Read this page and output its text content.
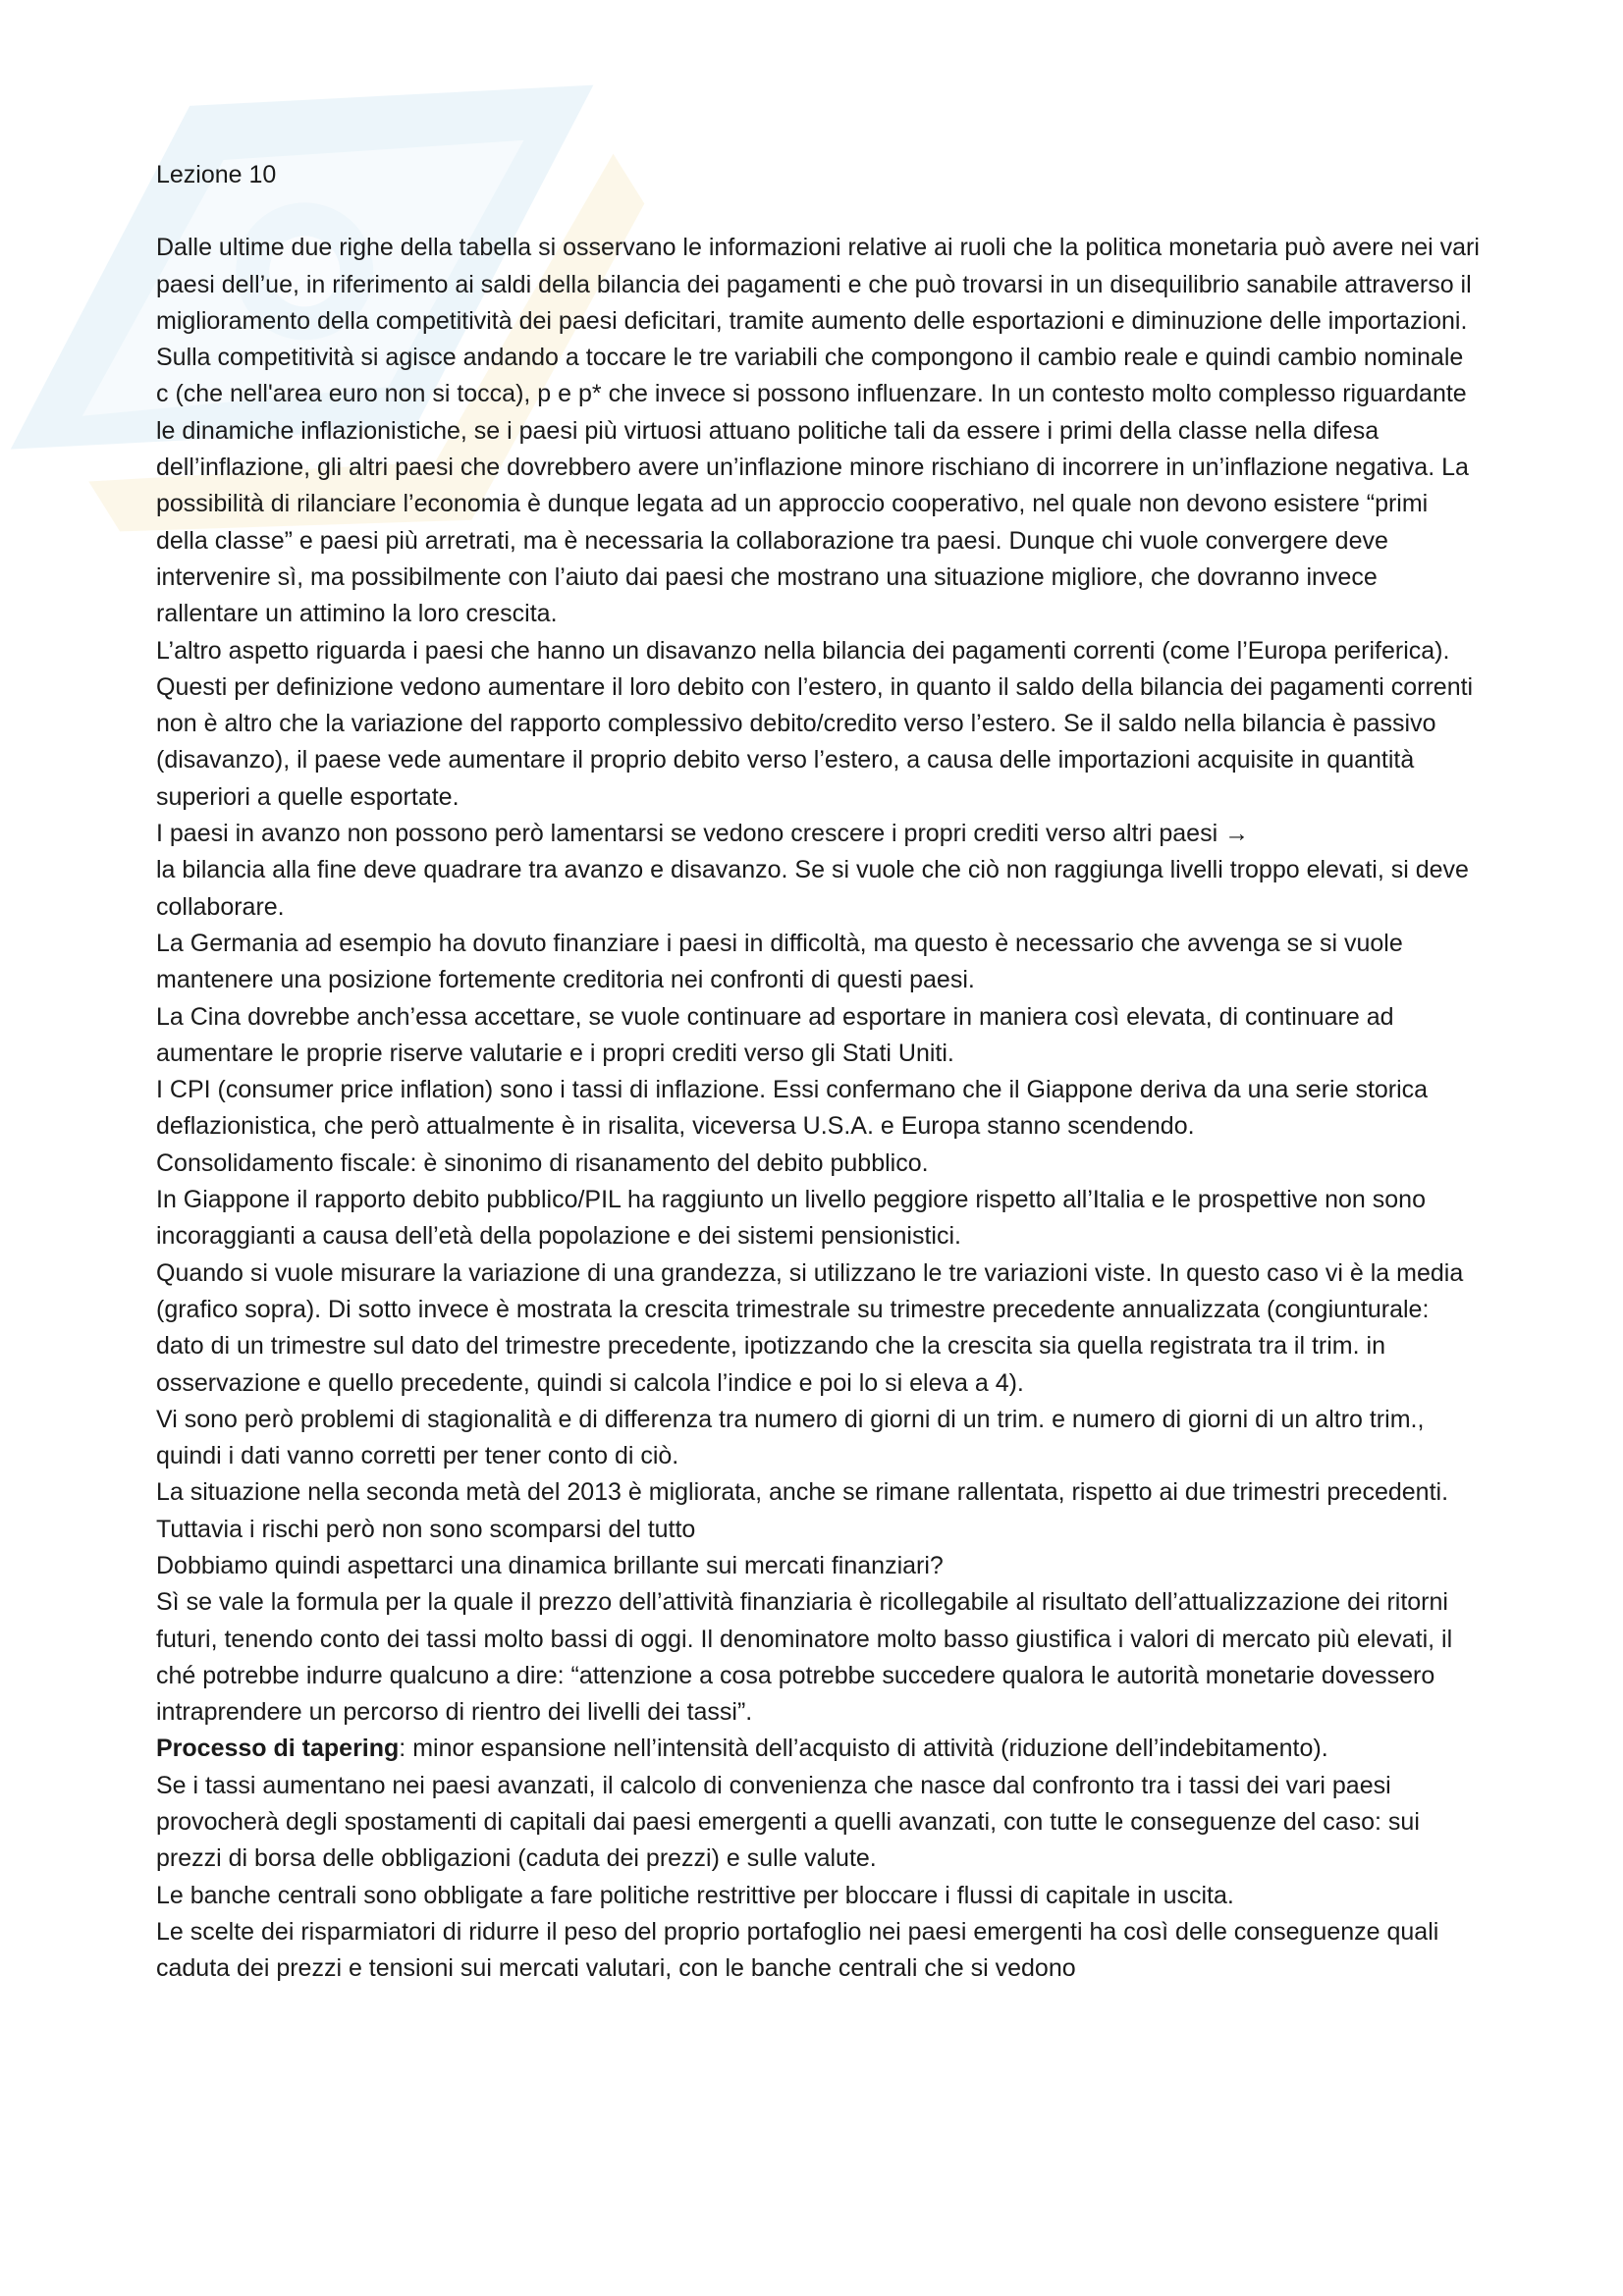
Lezione 10

Dalle ultime due righe della tabella si osservano le informazioni relative ai ruoli che la politica monetaria può avere nei vari paesi dell’ue, in riferimento ai saldi della bilancia dei pagamenti e che può trovarsi in un disequilibrio sanabile attraverso il miglioramento della competitività dei paesi deficitari, tramite aumento delle esportazioni e diminuzione delle importazioni.

Sulla competitività si agisce andando a toccare le tre variabili che compongono il cambio reale e quindi cambio nominale c (che nell'area euro non si tocca), p e p* che invece si possono influenzare. In un contesto molto complesso riguardante le dinamiche inflazionistiche, se i paesi più virtuosi attuano politiche tali da essere i primi della classe nella difesa dell’inflazione, gli altri paesi che dovrebbero avere un’inflazione minore rischiano di incorrere in un’inflazione negativa. La possibilità di rilanciare l’economia è dunque legata ad un approccio cooperativo, nel quale non devono esistere “primi della classe” e paesi più arretrati, ma è necessaria la collaborazione tra paesi. Dunque chi vuole convergere deve intervenire sì, ma possibilmente con l’aiuto dai paesi che mostrano una situazione migliore, che dovranno invece rallentare un attimino la loro crescita.

L’altro aspetto riguarda i paesi che hanno un disavanzo nella bilancia dei pagamenti correnti (come l’Europa periferica). Questi per definizione vedono aumentare il loro debito con l’estero, in quanto il saldo della bilancia dei pagamenti correnti non è altro che la variazione del rapporto complessivo debito/credito verso l’estero. Se il saldo nella bilancia è passivo (disavanzo), il paese vede aumentare il proprio debito verso l’estero, a causa delle importazioni acquisite in quantità superiori a quelle esportate.

I paesi in avanzo non possono però lamentarsi se vedono crescere i propri crediti verso altri paesi →

la bilancia alla fine deve quadrare tra avanzo e disavanzo. Se si vuole che ciò non raggiunga livelli troppo elevati, si deve collaborare.

La Germania ad esempio ha dovuto finanziare i paesi in difficoltà, ma questo è necessario che avvenga se si vuole mantenere una posizione fortemente creditoria nei confronti di questi paesi.

La Cina dovrebbe anch’essa accettare, se vuole continuare ad esportare in maniera così elevata, di continuare ad aumentare le proprie riserve valutarie e i propri crediti verso gli Stati Uniti.

I CPI (consumer price inflation) sono i tassi di inflazione. Essi confermano che il Giappone deriva da una serie storica deflazionistica, che però attualmente è in risalita, viceversa U.S.A. e Europa stanno scendendo.

Consolidamento fiscale: è sinonimo di risanamento del debito pubblico.

In Giappone il rapporto debito pubblico/PIL ha raggiunto un livello peggiore rispetto all’Italia e le prospettive non sono incoraggianti a causa dell’età della popolazione e dei sistemi pensionistici.

Quando si vuole misurare la variazione di una grandezza, si utilizzano le tre variazioni viste. In questo caso vi è la media (grafico sopra). Di sotto invece è mostrata la crescita trimestrale su trimestre precedente annualizzata (congiunturale: dato di un trimestre sul dato del trimestre precedente, ipotizzando che la crescita sia quella registrata tra il trim. in osservazione e quello precedente, quindi si calcola l’indice e poi lo si eleva a 4).

Vi sono però problemi di stagionalità e di differenza tra numero di giorni di un trim. e numero di giorni di un altro trim., quindi i dati vanno corretti per tener conto di ciò.

La situazione nella seconda metà del 2013 è migliorata, anche se rimane rallentata, rispetto ai due trimestri precedenti. Tuttavia i rischi però non sono scomparsi del tutto

Dobbiamo quindi aspettarci una dinamica brillante sui mercati finanziari?

Sì se vale la formula per la quale il prezzo dell’attività finanziaria è ricollegabile al risultato dell’attualizzazione dei ritorni futuri, tenendo conto dei tassi molto bassi di oggi. Il denominatore molto basso giustifica i valori di mercato più elevati, il ché potrebbe indurre qualcuno a dire: “attenzione a cosa potrebbe succedere qualora le autorità monetarie dovessero intraprendere un percorso di rientro dei livelli dei tassi”.

Processo di tapering: minor espansione nell’intensità dell’acquisto di attività (riduzione dell’indebitamento).

Se i tassi aumentano nei paesi avanzati, il calcolo di convenienza che nasce dal confronto tra i tassi dei vari paesi provocherà degli spostamenti di capitali dai paesi emergenti a quelli avanzati, con tutte le conseguenze del caso: sui prezzi di borsa delle obbligazioni (caduta dei prezzi) e sulle valute.

Le banche centrali sono obbligate a fare politiche restrittive per bloccare i flussi di capitale in uscita.

Le scelte dei risparmiatori di ridurre il peso del proprio portafoglio nei paesi emergenti ha così delle conseguenze quali caduta dei prezzi e tensioni sui mercati valutari, con le banche centrali che si vedono
